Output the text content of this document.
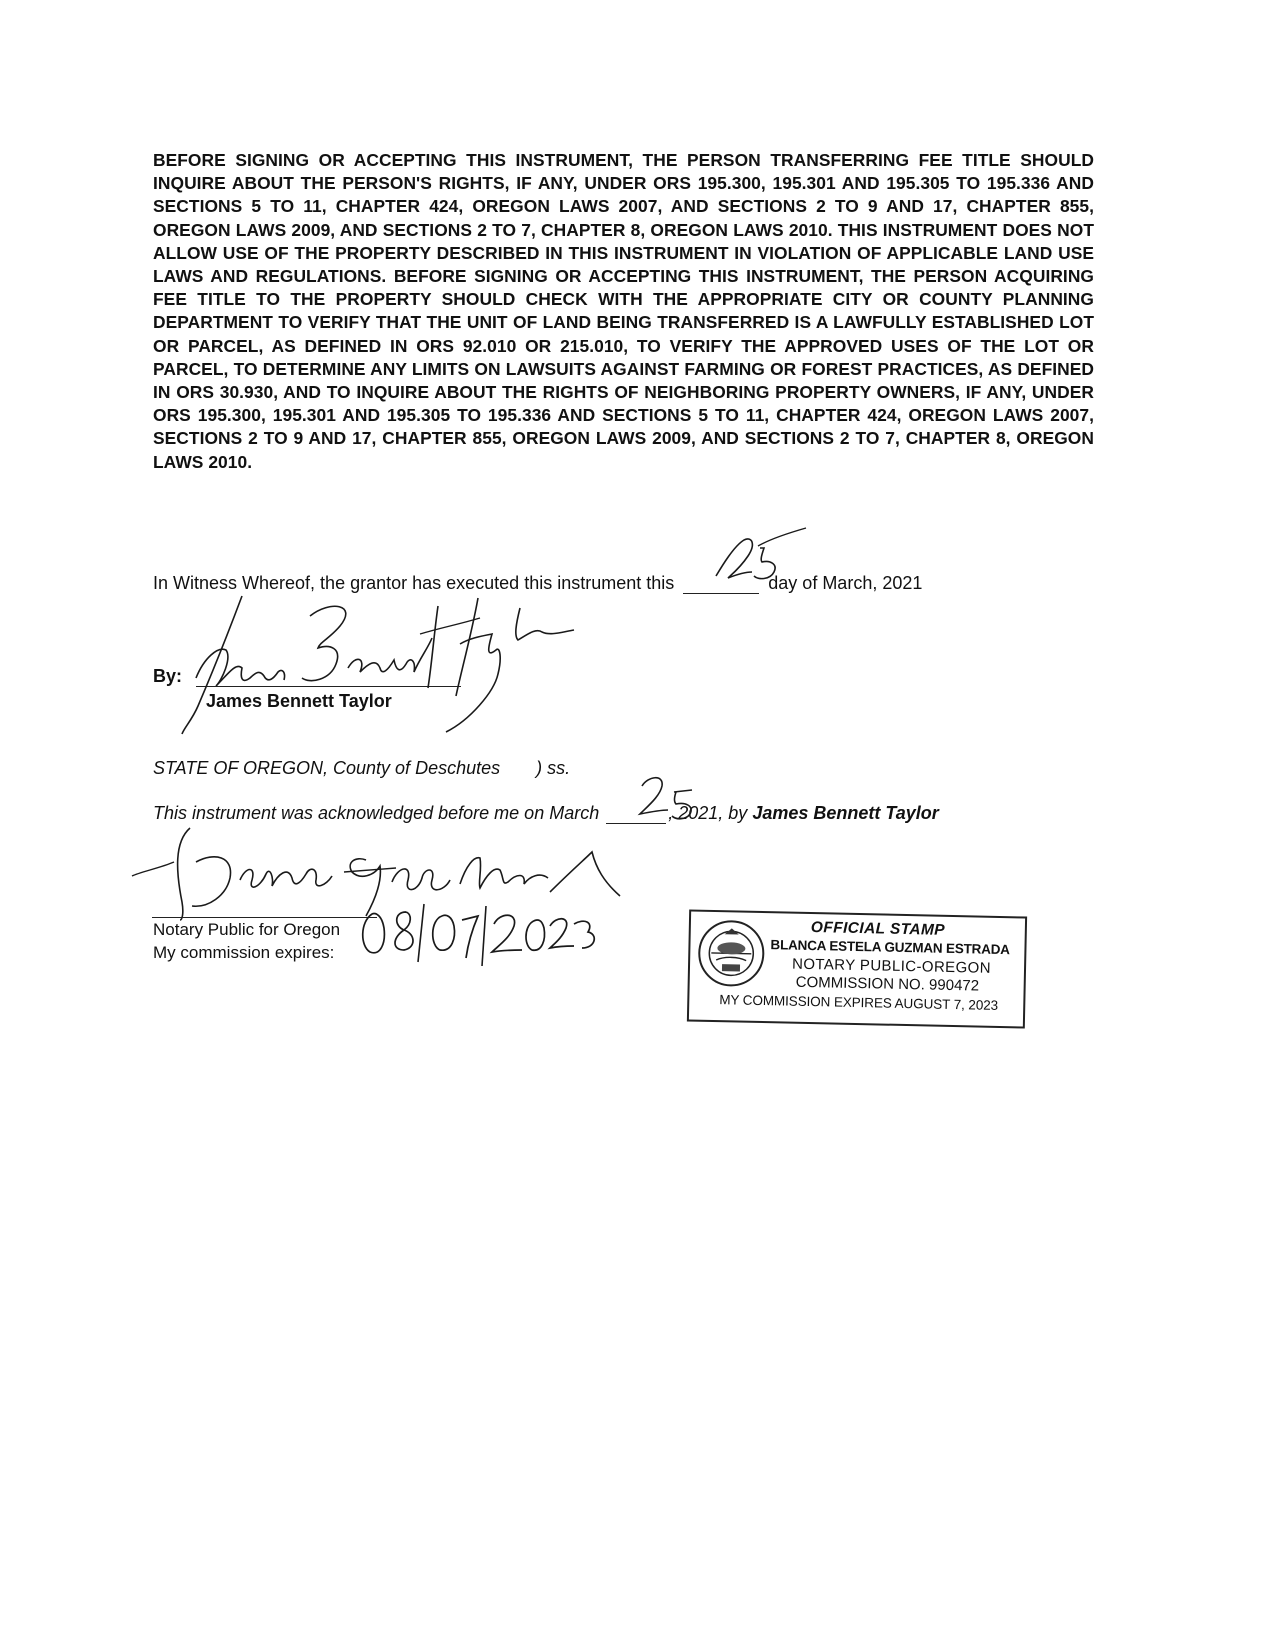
BEFORE SIGNING OR ACCEPTING THIS INSTRUMENT, THE PERSON TRANSFERRING FEE TITLE SHOULD INQUIRE ABOUT THE PERSON'S RIGHTS, IF ANY, UNDER ORS 195.300, 195.301 AND 195.305 TO 195.336 AND SECTIONS 5 TO 11, CHAPTER 424, OREGON LAWS 2007, AND SECTIONS 2 TO 9 AND 17, CHAPTER 855, OREGON LAWS 2009, AND SECTIONS 2 TO 7, CHAPTER 8, OREGON LAWS 2010. THIS INSTRUMENT DOES NOT ALLOW USE OF THE PROPERTY DESCRIBED IN THIS INSTRUMENT IN VIOLATION OF APPLICABLE LAND USE LAWS AND REGULATIONS. BEFORE SIGNING OR ACCEPTING THIS INSTRUMENT, THE PERSON ACQUIRING FEE TITLE TO THE PROPERTY SHOULD CHECK WITH THE APPROPRIATE CITY OR COUNTY PLANNING DEPARTMENT TO VERIFY THAT THE UNIT OF LAND BEING TRANSFERRED IS A LAWFULLY ESTABLISHED LOT OR PARCEL, AS DEFINED IN ORS 92.010 OR 215.010, TO VERIFY THE APPROVED USES OF THE LOT OR PARCEL, TO DETERMINE ANY LIMITS ON LAWSUITS AGAINST FARMING OR FOREST PRACTICES, AS DEFINED IN ORS 30.930, AND TO INQUIRE ABOUT THE RIGHTS OF NEIGHBORING PROPERTY OWNERS, IF ANY, UNDER ORS 195.300, 195.301 AND 195.305 TO 195.336 AND SECTIONS 5 TO 11, CHAPTER 424, OREGON LAWS 2007, SECTIONS 2 TO 9 AND 17, CHAPTER 855, OREGON LAWS 2009, AND SECTIONS 2 TO 7, CHAPTER 8, OREGON LAWS 2010.

In Witness Whereof, the grantor has executed this instrument this	day of March, 2021
By:
James Bennett Taylor
STATE OF OREGON, County of Deschutes ) ss.
This instrument was acknowledged before me on March	, 2021, by James Bennett Taylor
Notary Public for Oregon
My commission expires:
OFFICIAL STAMP
BLANCA ESTELA GUZMAN ESTRADA
NOTARY PUBLIC-OREGON
COMMISSION NO. 990472
MY COMMISSION EXPIRES AUGUST 7, 2023
